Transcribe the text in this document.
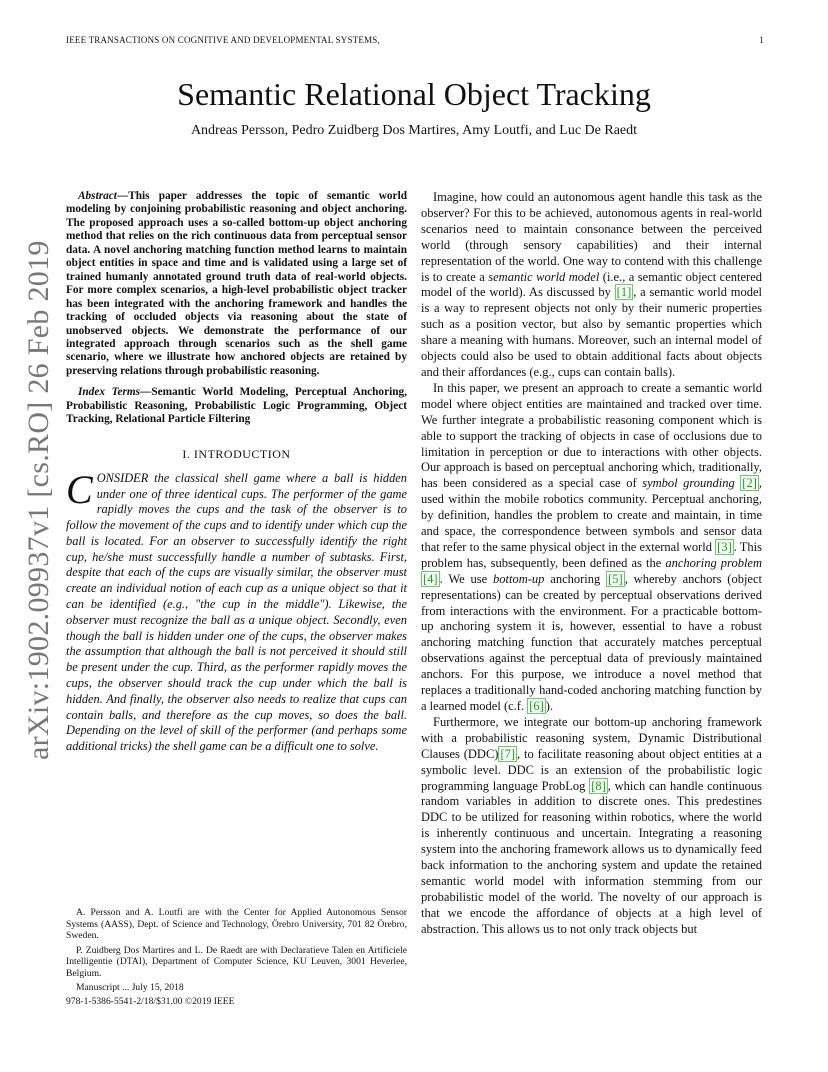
IEEE TRANSACTIONS ON COGNITIVE AND DEVELOPMENTAL SYSTEMS,	1
Semantic Relational Object Tracking
Andreas Persson, Pedro Zuidberg Dos Martires, Amy Loutfi, and Luc De Raedt
arXiv:1902.09937v1 [cs.RO] 26 Feb 2019

Abstract—This paper addresses the topic of semantic world modeling by conjoining probabilistic reasoning and object anchoring. The proposed approach uses a so-called bottom-up object anchoring method that relies on the rich continuous data from perceptual sensor data. A novel anchoring matching function method learns to maintain object entities in space and time and is validated using a large set of trained humanly annotated ground truth data of real-world objects. For more complex scenarios, a high-level probabilistic object tracker has been integrated with the anchoring framework and handles the tracking of occluded objects via reasoning about the state of unobserved objects. We demonstrate the performance of our integrated approach through scenarios such as the shell game scenario, where we illustrate how anchored objects are retained by preserving relations through probabilistic reasoning.

Index Terms—Semantic World Modeling, Perceptual Anchoring, Probabilistic Reasoning, Probabilistic Logic Programming, Object Tracking, Relational Particle Filtering

I. INTRODUCTION

CONSIDER the classical shell game where a ball is hidden under one of three identical cups. The performer of the game rapidly moves the cups and the task of the observer is to follow the movement of the cups and to identify under which cup the ball is located. For an observer to successfully identify the right cup, he/she must successfully handle a number of subtasks. First, despite that each of the cups are visually similar, the observer must create an individual notion of each cup as a unique object so that it can be identified (e.g., "the cup in the middle"). Likewise, the observer must recognize the ball as a unique object. Secondly, even though the ball is hidden under one of the cups, the observer makes the assumption that although the ball is not perceived it should still be present under the cup. Third, as the performer rapidly moves the cups, the observer should track the cup under which the ball is hidden. And finally, the observer also needs to realize that cups can contain balls, and therefore as the cup moves, so does the ball. Depending on the level of skill of the performer (and perhaps some additional tricks) the shell game can be a difficult one to solve.

A. Persson and A. Loutfi are with the Center for Applied Autonomous Sensor Systems (AASS), Dept. of Science and Technology, Örebro University, 701 82 Örebro, Sweden.

P. Zuidberg Dos Martires and L. De Raedt are with Declaratieve Talen en Artificiele Intelligentie (DTAI), Department of Computer Science, KU Leuven, 3001 Heverlee, Belgium.

Manuscript ... July 15, 2018

978-1-5386-5541-2/18/$31.00 ©2019 IEEE

Imagine, how could an autonomous agent handle this task as the observer? For this to be achieved, autonomous agents in real-world scenarios need to maintain consonance between the perceived world (through sensory capabilities) and their internal representation of the world. One way to contend with this challenge is to create a semantic world model (i.e., a semantic object centered model of the world). As discussed by [1] , a semantic world model is a way to represent objects not only by their numeric properties such as a position vector, but also by semantic properties which share a meaning with humans. Moreover, such an internal model of objects could also be used to obtain additional facts about objects and their affordances (e.g., cups can contain balls).

In this paper, we present an approach to create a semantic world model where object entities are maintained and tracked over time. We further integrate a probabilistic reasoning component which is able to support the tracking of objects in case of occlusions due to limitation in perception or due to interactions with other objects. Our approach is based on perceptual anchoring which, traditionally, has been considered as a special case of symbol grounding [2] , used within the mobile robotics community. Perceptual anchoring, by definition, handles the problem to create and maintain, in time and space, the correspondence between symbols and sensor data that refer to the same physical object in the external world [3] . This problem has, subsequently, been defined as the anchoring problem [4] . We use bottom-up anchoring [5] , whereby anchors (object representations) can be created by perceptual observations derived from interactions with the environment. For a practicable bottom-up anchoring system it is, however, essential to have a robust anchoring matching function that accurately matches perceptual observations against the perceptual data of previously maintained anchors. For this purpose, we introduce a novel method that replaces a traditionally hand-coded anchoring matching function by a learned model (c.f. [6] ).

Furthermore, we integrate our bottom-up anchoring framework with a probabilistic reasoning system, Dynamic Distributional Clauses (DDC) [7] , to facilitate reasoning about object entities at a symbolic level. DDC is an extension of the probabilistic logic programming language ProbLog [8] , which can handle continuous random variables in addition to discrete ones. This predestines DDC to be utilized for reasoning within robotics, where the world is inherently continuous and uncertain. Integrating a reasoning system into the anchoring framework allows us to dynamically feed back information to the anchoring system and update the retained semantic world model with information stemming from our probabilistic model of the world. The novelty of our approach is that we encode the affordance of objects at a high level of abstraction. This allows us to not only track objects but
